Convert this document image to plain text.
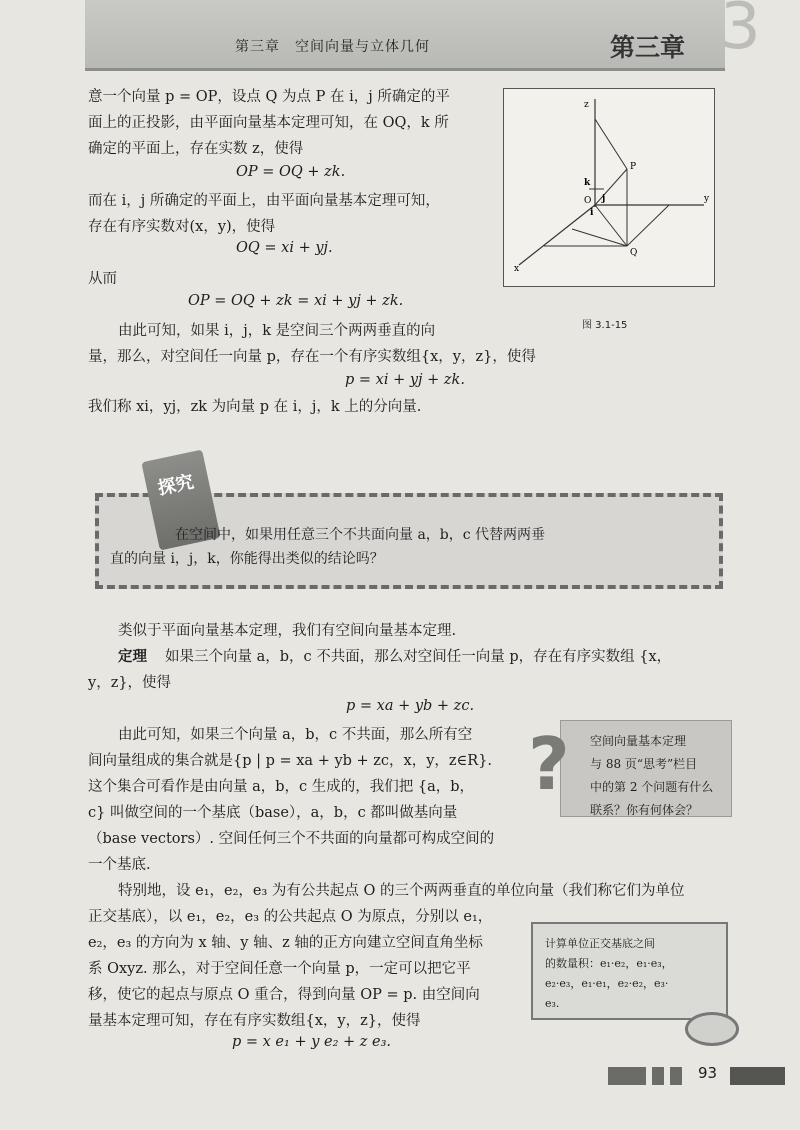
第三章　空间向量与立体几何	3
第三章
意一个向量 p = OP，设点 Q 为点 P 在 i，j 所确定的平
面上的正投影，由平面向量基本定理可知，在 OQ，k 所
确定的平面上，存在实数 z，使得
OP = OQ + zk.
而在 i，j 所确定的平面上，由平面向量基本定理可知，
存在有序实数对(x，y)，使得
OQ = xi + yj.
从而
OP = OQ + zk = xi + yj + zk.
由此可知，如果 i，j，k 是空间三个两两垂直的向
量，那么，对空间任一向量 p，存在一个有序实数组{x，y，z}，使得
p = xi + yj + zk.
我们称 xi，yj，zk 为向量 p 在 i，j，k 上的分向量.
z
y
x
P
Q
O
k
i
j
图 3.1-15
探究
在空间中，如果用任意三个不共面向量 a，b，c 代替两两垂
直的向量 i，j，k，你能得出类似的结论吗？
类似于平面向量基本定理，我们有空间向量基本定理.
定理 如果三个向量 a，b，c 不共面，那么对空间任一向量 p，存在有序实数组 {x，
y，z}，使得
p = xa + yb + zc.
由此可知，如果三个向量 a，b，c 不共面，那么所有空
间向量组成的集合就是{p | p = xa + yb + zc，x，y，z∈R}.
这个集合可看作是由向量 a，b，c 生成的，我们把 {a，b，
c} 叫做空间的一个基底（base），a，b，c 都叫做基向量
（base vectors）. 空间任何三个不共面的向量都可构成空间的
一个基底.
? 空间向量基本定理
与 88 页“思考”栏目
中的第 2 个问题有什么
联系？你有何体会？
特别地，设 e₁，e₂，e₃ 为有公共起点 O 的三个两两垂直的单位向量（我们称它们为单位
正交基底），以 e₁，e₂，e₃ 的公共起点 O 为原点，分别以 e₁，
e₂，e₃ 的方向为 x 轴、y 轴、z 轴的正方向建立空间直角坐标
系 Oxyz. 那么，对于空间任意一个向量 p，一定可以把它平
移，使它的起点与原点 O 重合，得到向量 OP = p. 由空间向
量基本定理可知，存在有序实数组{x，y，z}，使得
p = x e₁ + y e₂ + z e₃.
计算单位正交基底之间
的数量积：e₁·e₂，e₁·e₃，
e₂·e₃，e₁·e₁，e₂·e₂，e₃·
e₃.
93
